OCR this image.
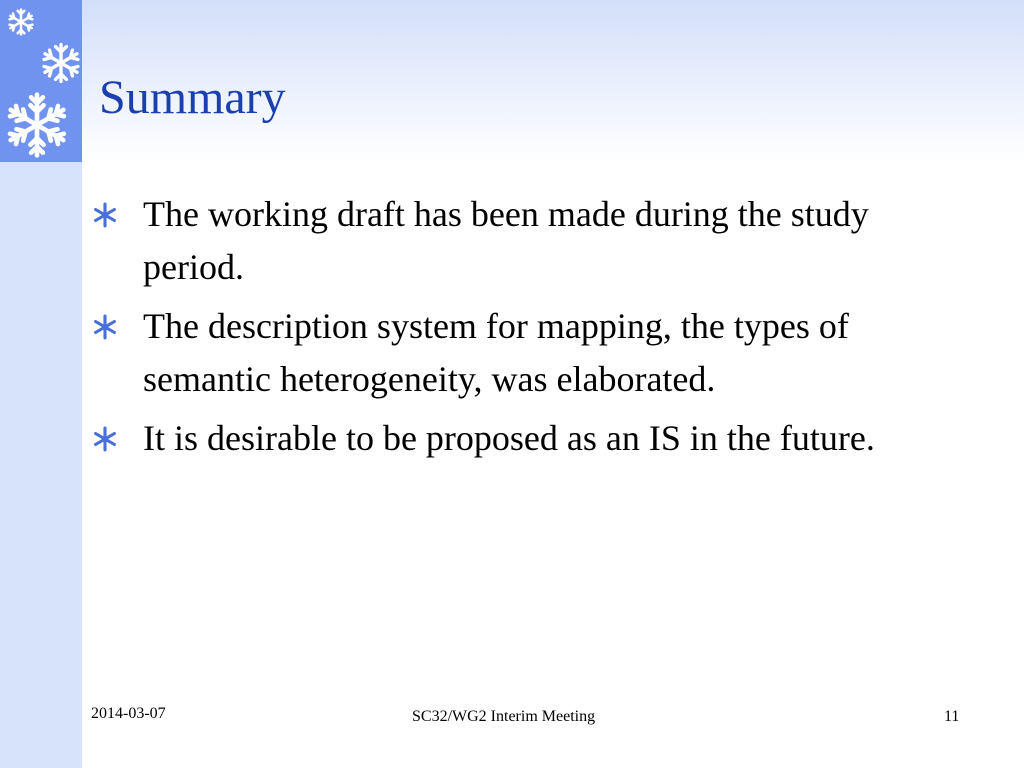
Summary
The working draft has been made during the study period.
The description system for mapping, the types of semantic heterogeneity, was elaborated.
It is desirable to be proposed as an IS in the future.
2014-03-07	SC32/WG2 Interim Meeting	11
